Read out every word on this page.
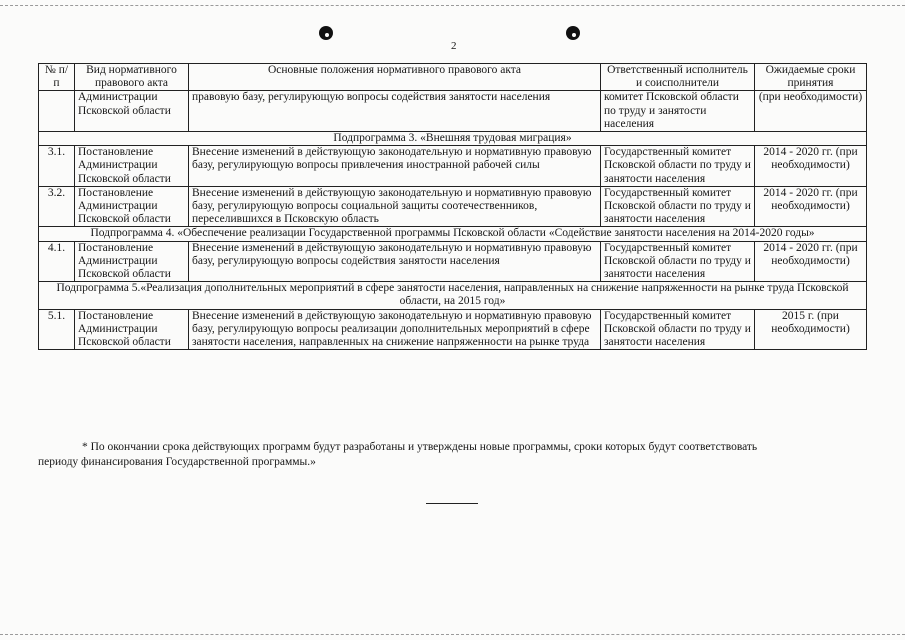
2
№ п/п	Вид нормативного правового акта	Основные положения нормативного правового акта	Ответственный исполнитель и соисполнители	Ожидаемые сроки принятия
	Администрации Псковской области	правовую базу, регулирующую вопросы содействия занятости населения	комитет Псковской области по труду и занятости населения	(при необходимости)
Подпрограмма 3. «Внешняя трудовая миграция»				
3.1.	Постановление Администрации Псковской области	Внесение изменений в действующую законодательную и нормативную правовую базу, регулирующую вопросы привлечения иностранной рабочей силы	Государственный комитет Псковской области по труду и занятости населения	2014 - 2020 гг. (при необходимости)
3.2.	Постановление Администрации Псковской области	Внесение изменений в действующую законодательную и нормативную правовую базу, регулирующую вопросы социальной защиты соотечественников, переселившихся в Псковскую область	Государственный комитет Псковской области по труду и занятости населения	2014 - 2020 гг. (при необходимости)
Подпрограмма 4. «Обеспечение реализации Государственной программы Псковской области «Содействие занятости населения на 2014-2020 годы»				
4.1.	Постановление Администрации Псковской области	Внесение изменений в действующую законодательную и нормативную правовую базу, регулирующую вопросы содействия занятости населения	Государственный комитет Псковской области по труду и занятости населения	2014 - 2020 гг. (при необходимости)
Подпрограмма 5.«Реализация дополнительных мероприятий в сфере занятости населения, направленных на снижение напряженности на рынке труда Псковской области, на 2015 год»				
5.1.	Постановление Администрации Псковской области	Внесение изменений в действующую законодательную и нормативную правовую базу, регулирующую вопросы реализации дополнительных мероприятий в сфере занятости населения, направленных на снижение напряженности на рынке труда	Государственный комитет Псковской области по труду и занятости населения	2015 г. (при необходимости)
* По окончании срока действующих программ будут разработаны и утверждены новые программы, сроки которых будут соответствовать
периоду финансирования Государственной программы.»
